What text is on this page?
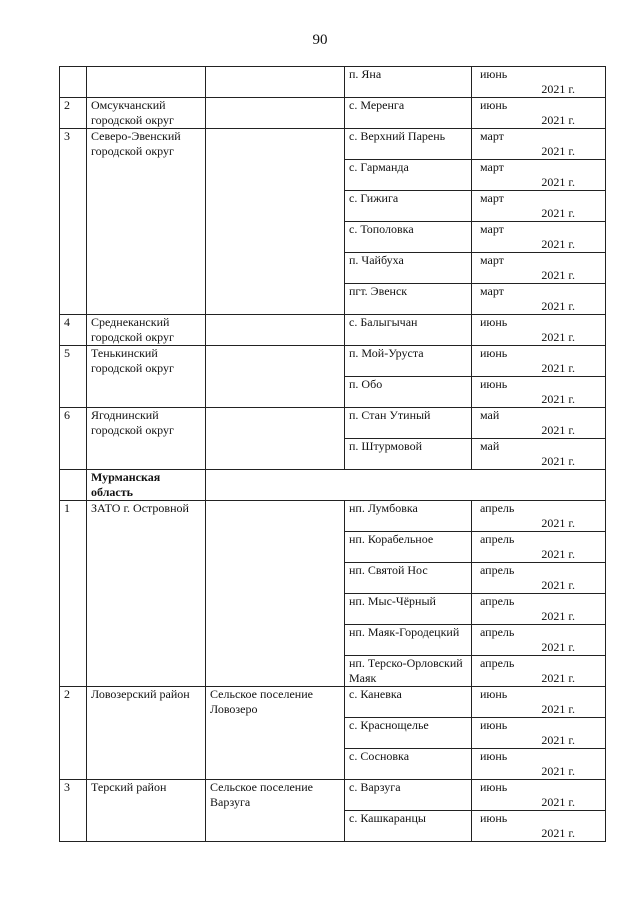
90
			п. Яна	июнь
2021 г.

2	Омсукчанский городской округ		с. Меренга	июнь
2021 г.

3	Северо-Эвенский городской округ		с. Верхний Парень	март
2021 г.

			с. Гарманда	март
2021 г.

			с. Гижига	март
2021 г.

			с. Тополовка	март
2021 г.

			п. Чайбуха	март
2021 г.

			пгт. Эвенск	март
2021 г.

4	Среднеканский городской округ		с. Балыгычан	июнь
2021 г.

5	Тенькинский городской округ		п. Мой-Уруста	июнь
2021 г.

			п. Обо	июнь
2021 г.

6	Ягоднинский городской округ		п. Стан Утиный	май
2021 г.

			п. Штурмовой	май
2021 г.

	Мурманская область			
1	ЗАТО г. Островной		нп. Лумбовка	апрель
2021 г.

			нп. Корабельное	апрель
2021 г.

			нп. Святой Нос	апрель
2021 г.

			нп. Мыс-Чёрный	апрель
2021 г.

			нп. Маяк-Городецкий	апрель
2021 г.

			нп. Терско-Орловский Маяк	апрель
2021 г.

2	Ловозерский район	Сельское поселение Ловозеро	с. Каневка	июнь
2021 г.

			с. Краснощелье	июнь
2021 г.

			с. Сосновка	июнь
2021 г.

3	Терский район	Сельское поселение Варзуга	с. Варзуга	июнь
2021 г.

			с. Кашкаранцы	июнь
2021 г.
